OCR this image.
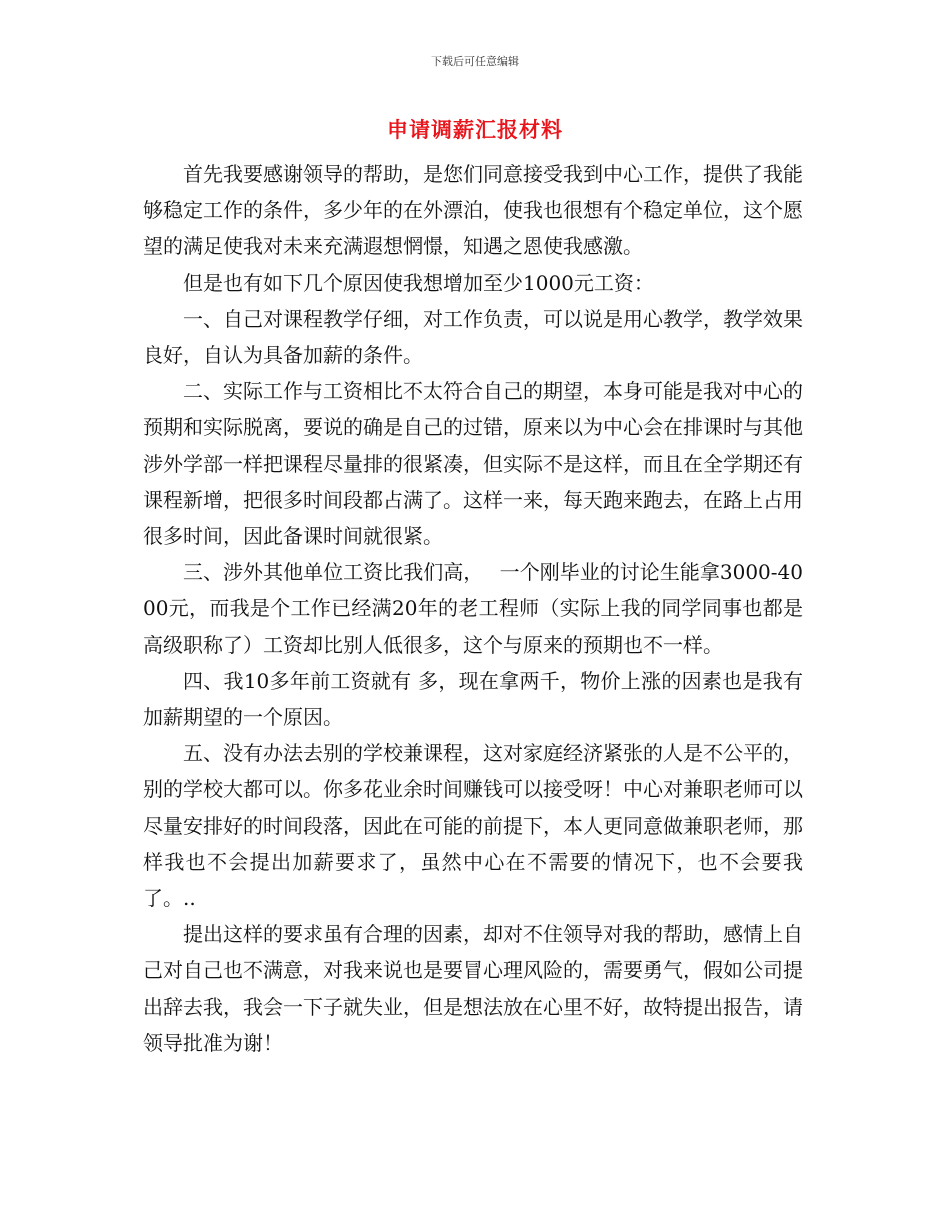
下载后可任意编辑
申请调薪汇报材料

首先我要感谢领导的帮助，是您们同意接受我到中心工作，提供了我能够稳定工作的条件，多少年的在外漂泊，使我也很想有个稳定单位，这个愿望的满足使我对未来充满遐想惘憬，知遇之恩使我感激。

但是也有如下几个原因使我想增加至少1000元工资：

一、自己对课程教学仔细，对工作负责，可以说是用心教学，教学效果良好，自认为具备加薪的条件。

二、实际工作与工资相比不太符合自己的期望，本身可能是我对中心的预期和实际脱离，要说的确是自己的过错，原来以为中心会在排课时与其他涉外学部一样把课程尽量排的很紧凑，但实际不是这样，而且在全学期还有课程新增，把很多时间段都占满了。这样一来，每天跑来跑去，在路上占用很多时间，因此备课时间就很紧。

三、涉外其他单位工资比我们高，　 一个刚毕业的讨论生能拿3000-4000元，而我是个工作已经满20年的老工程师（实际上我的同学同事也都是高级职称了）工资却比别人低很多，这个与原来的预期也不一样。

四、我10多年前工资就有 多，现在拿两千，物价上涨的因素也是我有加薪期望的一个原因。

五、没有办法去别的学校兼课程，这对家庭经济紧张的人是不公平的，别的学校大都可以。你多花业余时间赚钱可以接受呀！中心对兼职老师可以尽量安排好的时间段落，因此在可能的前提下，本人更同意做兼职老师，那样我也不会提出加薪要求了，虽然中心在不需要的情况下，也不会要我了。..

提出这样的要求虽有合理的因素，却对不住领导对我的帮助，感情上自己对自己也不满意，对我来说也是要冒心理风险的，需要勇气，假如公司提出辞去我，我会一下子就失业，但是想法放在心里不好，故特提出报告，请领导批准为谢！
